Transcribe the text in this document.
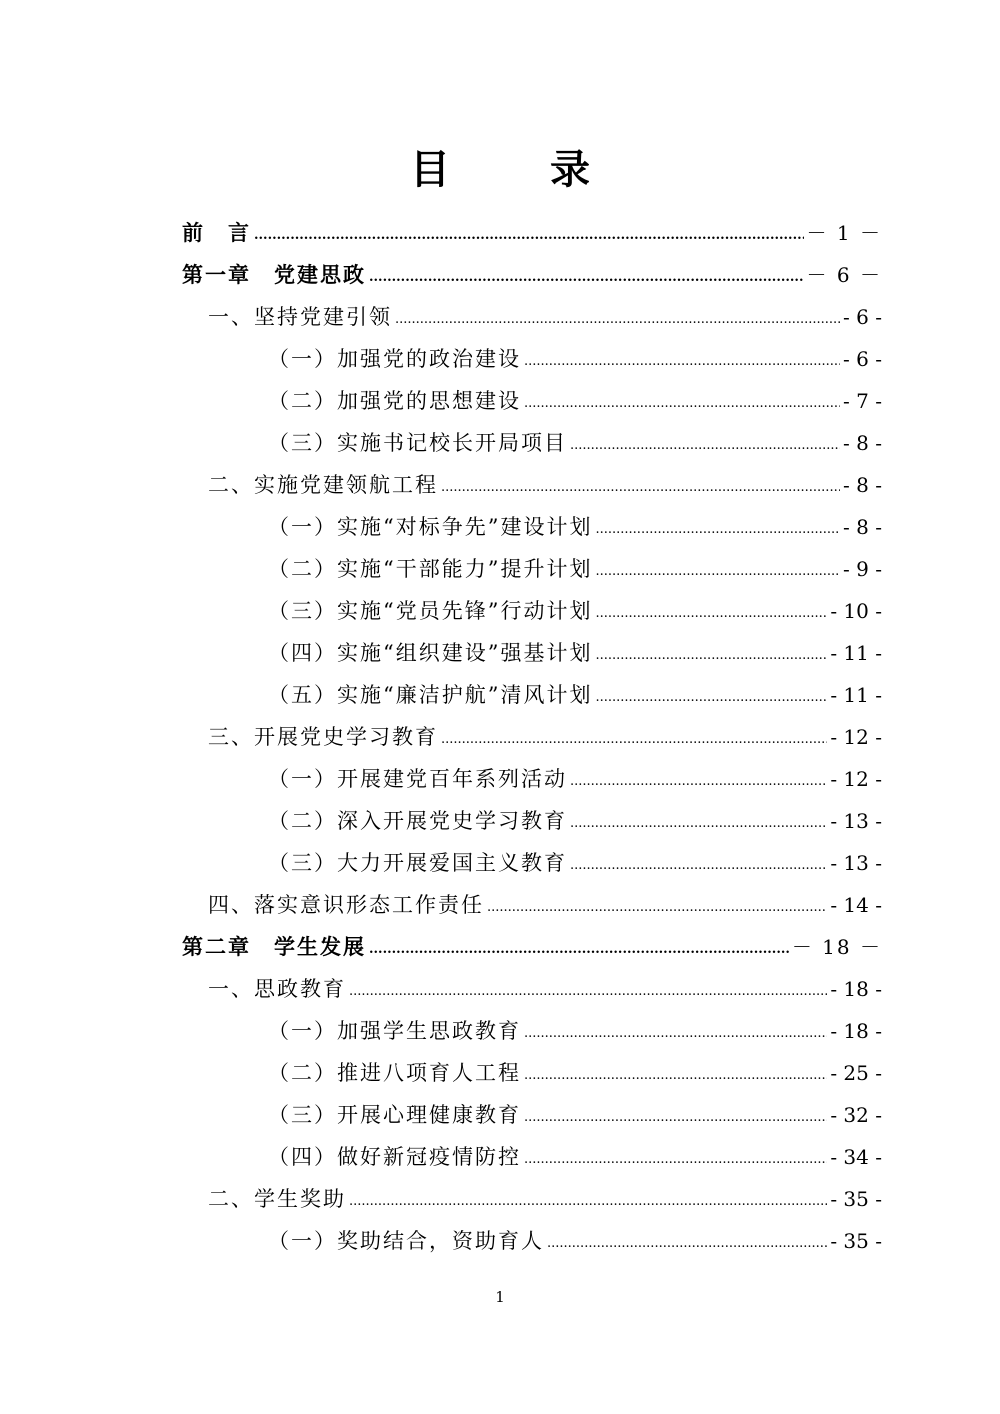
目　录
前　言 .....	－ 1 －
第一章　党建思政 .....	－ 6 －
一、坚持党建引领 .....	- 6 -
（一）加强党的政治建设 .....	- 6 -
（二）加强党的思想建设 .....	- 7 -
（三）实施书记校长开局项目 .....	- 8 -
二、实施党建领航工程 .....	- 8 -
（一）实施“对标争先”建设计划 .....	- 8 -
（二）实施“干部能力”提升计划 .....	- 9 -
（三）实施“党员先锋”行动计划 .....	- 10 -
（四）实施“组织建设”强基计划 .....	- 11 -
（五）实施“廉洁护航”清风计划 .....	- 11 -
三、开展党史学习教育 .....	- 12 -
（一）开展建党百年系列活动 .....	- 12 -
（二）深入开展党史学习教育 .....	- 13 -
（三）大力开展爱国主义教育 .....	- 13 -
四、落实意识形态工作责任 .....	- 14 -
第二章　学生发展 .....	－ 18 －
一、思政教育 .....	- 18 -
（一）加强学生思政教育 .....	- 18 -
（二）推进八项育人工程 .....	- 25 -
（三）开展心理健康教育 .....	- 32 -
（四）做好新冠疫情防控 .....	- 34 -
二、学生奖助 .....	- 35 -
（一）奖助结合，资助育人 .....	- 35 -
1
